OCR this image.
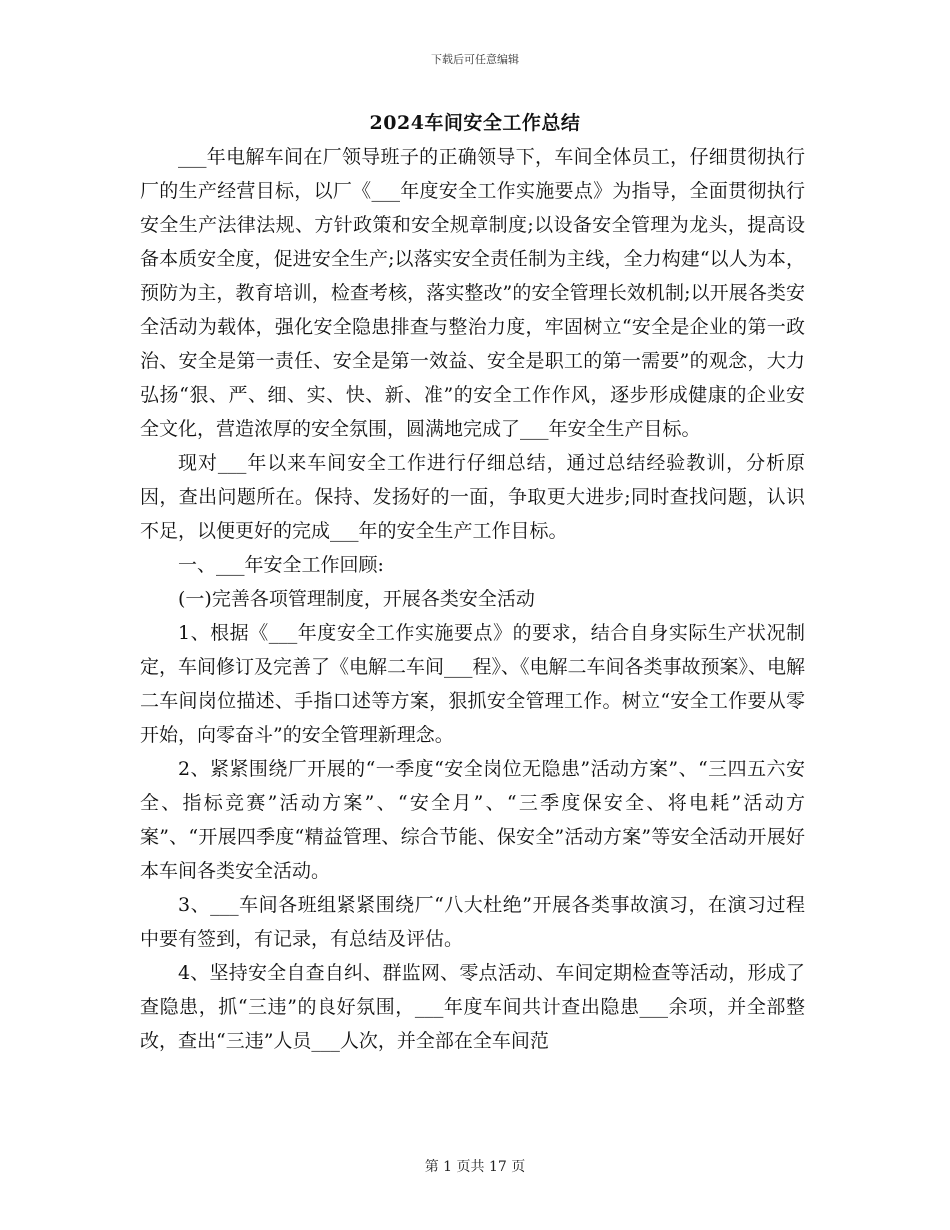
下载后可任意编辑
2024车间安全工作总结

___年电解车间在厂领导班子的正确领导下，车间全体员工，仔细贯彻执行厂的生产经营目标，以厂《___年度安全工作实施要点》为指导，全面贯彻执行安全生产法律法规、方针政策和安全规章制度;以设备安全管理为龙头，提高设备本质安全度，促进安全生产;以落实安全责任制为主线，全力构建“以人为本，预防为主，教育培训，检查考核，落实整改”的安全管理长效机制;以开展各类安全活动为载体，强化安全隐患排查与整治力度，牢固树立“安全是企业的第一政治、安全是第一责任、安全是第一效益、安全是职工的第一需要”的观念，大力弘扬“狠、严、细、实、快、新、准”的安全工作作风，逐步形成健康的企业安全文化，营造浓厚的安全氛围，圆满地完成了___年安全生产目标。

现对___年以来车间安全工作进行仔细总结，通过总结经验教训，分析原因，查出问题所在。保持、发扬好的一面，争取更大进步;同时查找问题，认识不足，以便更好的完成___年的安全生产工作目标。

一、___年安全工作回顾:

(一)完善各项管理制度，开展各类安全活动

1、根据《___年度安全工作实施要点》的要求，结合自身实际生产状况制定，车间修订及完善了《电解二车间___程》、《电解二车间各类事故预案》、电解二车间岗位描述、手指口述等方案，狠抓安全管理工作。树立“安全工作要从零开始，向零奋斗”的安全管理新理念。

2、紧紧围绕厂开展的“一季度“安全岗位无隐患”活动方案”、“三四五六安全、指标竞赛”活动方案”、“安全月”、“三季度保安全、将电耗”活动方案”、“开展四季度“精益管理、综合节能、保安全”活动方案”等安全活动开展好本车间各类安全活动。

3、___车间各班组紧紧围绕厂“八大杜绝”开展各类事故演习，在演习过程中要有签到，有记录，有总结及评估。

4、坚持安全自查自纠、群监网、零点活动、车间定期检查等活动，形成了查隐患，抓“三违”的良好氛围，___年度车间共计查出隐患___余项，并全部整改，查出“三违”人员___人次，并全部在全车间范

第 1 页共 17 页
